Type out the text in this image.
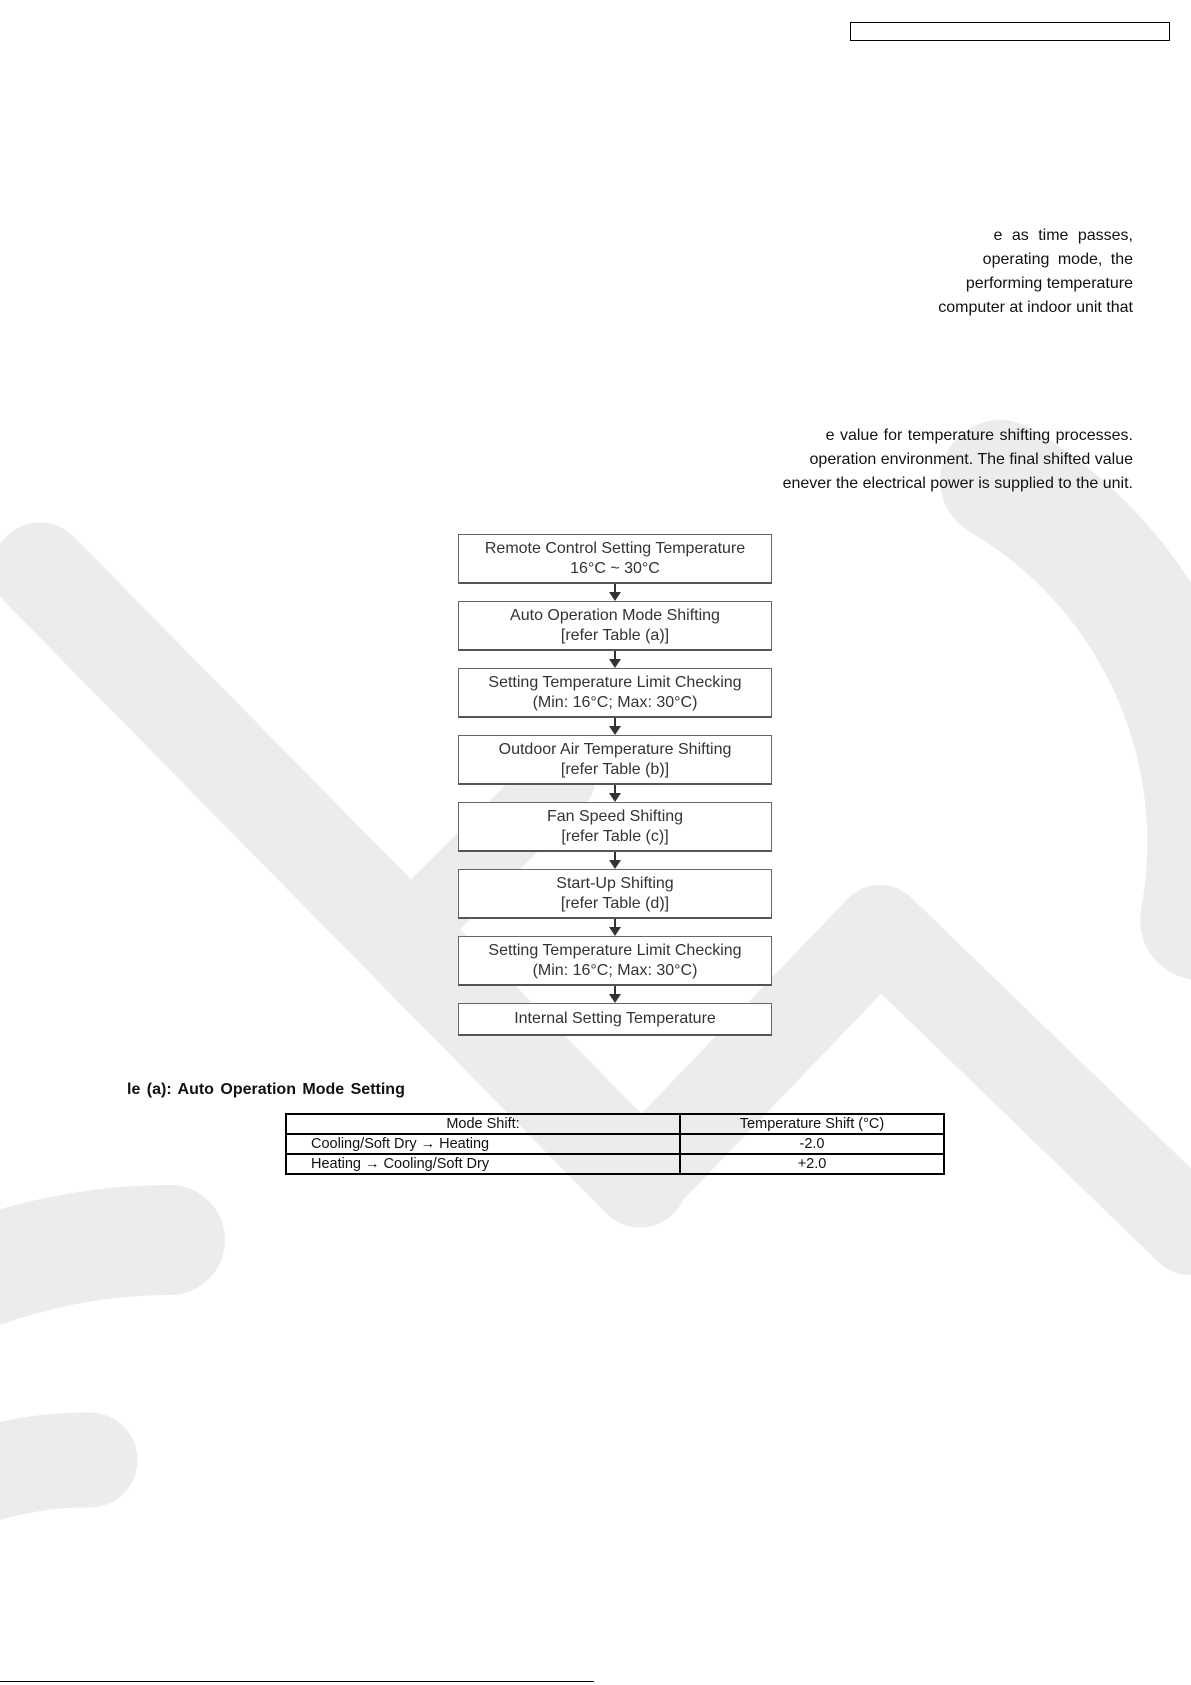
e as time passes,
operating mode, the
performing temperature
computer at indoor unit that
e value for temperature shifting processes.
operation environment. The final shifted value
enever the electrical power is supplied to the unit.
Remote Control Setting Temperature
16°C ~ 30°C
Auto Operation Mode Shifting
[refer Table (a)]
Setting Temperature Limit Checking
(Min: 16°C; Max: 30°C)
Outdoor Air Temperature Shifting
[refer Table (b)]
Fan Speed Shifting
[refer Table (c)]
Start-Up Shifting
[refer Table (d)]
Setting Temperature Limit Checking
(Min: 16°C; Max: 30°C)
Internal Setting Temperature
le (a): Auto Operation Mode Setting
Mode Shift:	Temperature Shift (°C)
Cooling/Soft Dry → Heating	-2.0
Heating → Cooling/Soft Dry	+2.0
